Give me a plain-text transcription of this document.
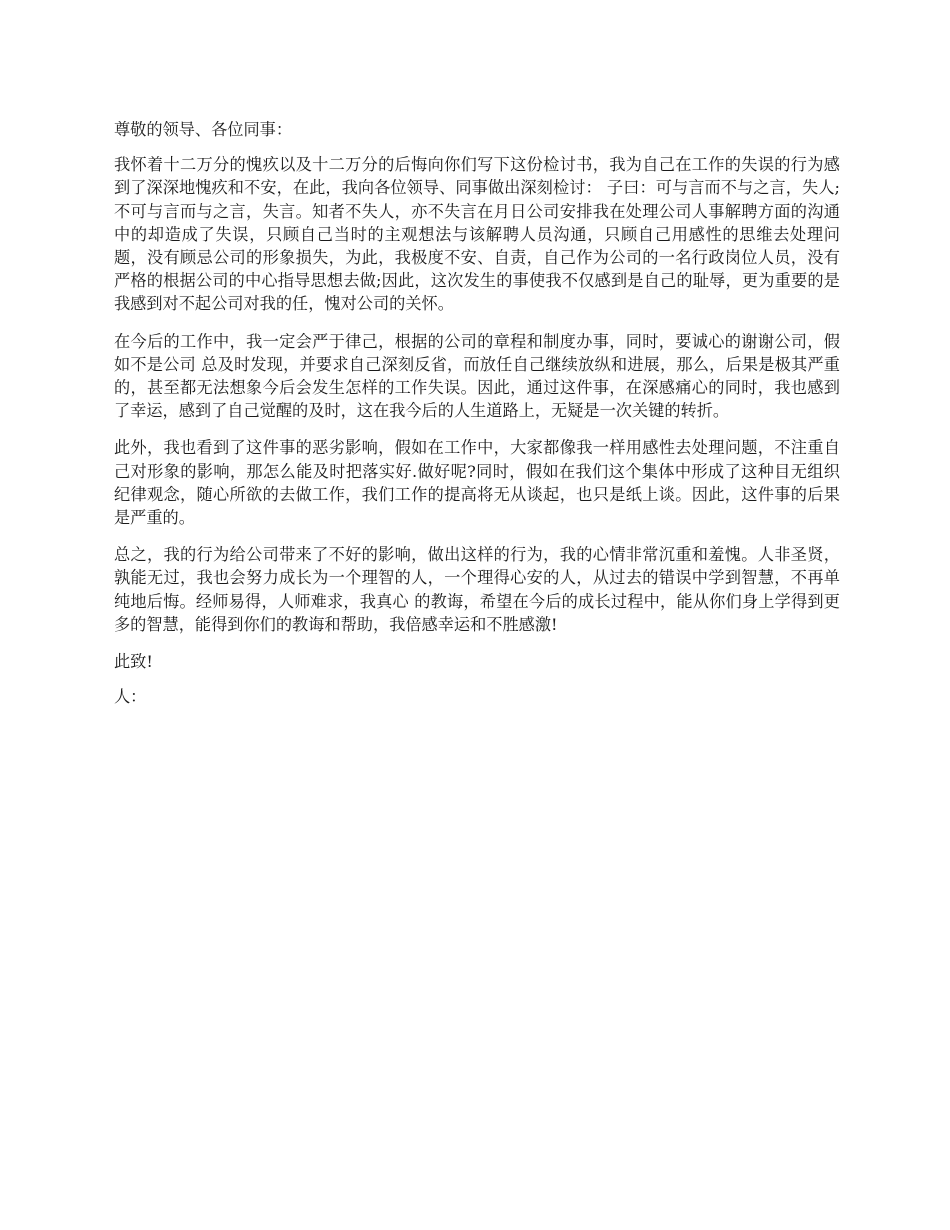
尊敬的领导、各位同事：

我怀着十二万分的愧疚以及十二万分的后悔向你们写下这份检讨书，我为自己在工作的失误的行为感到了深深地愧疚和不安，在此，我向各位领导、同事做出深刻检讨： 子曰：可与言而不与之言，失人;不可与言而与之言，失言。知者不失人，亦不失言在月日公司安排我在处理公司人事解聘方面的沟通中的却造成了失误，只顾自己当时的主观想法与该解聘人员沟通，只顾自己用感性的思维去处理问题，没有顾忌公司的形象损失，为此，我极度不安、自责，自己作为公司的一名行政岗位人员，没有严格的根据公司的中心指导思想去做;因此，这次发生的事使我不仅感到是自己的耻辱，更为重要的是我感到对不起公司对我的任，愧对公司的关怀。

在今后的工作中，我一定会严于律己，根据的公司的章程和制度办事，同时，要诚心的谢谢公司，假如不是公司 总及时发现，并要求自己深刻反省，而放任自己继续放纵和进展，那么，后果是极其严重的，甚至都无法想象今后会发生怎样的工作失误。因此，通过这件事，在深感痛心的同时，我也感到了幸运，感到了自己觉醒的及时，这在我今后的人生道路上，无疑是一次关键的转折。

此外，我也看到了这件事的恶劣影响，假如在工作中，大家都像我一样用感性去处理问题，不注重自己对形象的影响，那怎么能及时把落实好.做好呢?同时，假如在我们这个集体中形成了这种目无组织纪律观念，随心所欲的去做工作，我们工作的提高将无从谈起，也只是纸上谈。因此，这件事的后果是严重的。

总之，我的行为给公司带来了不好的影响，做出这样的行为，我的心情非常沉重和羞愧。人非圣贤，孰能无过，我也会努力成长为一个理智的人，一个理得心安的人，从过去的错误中学到智慧，不再单纯地后悔。经师易得，人师难求，我真心 的教诲，希望在今后的成长过程中，能从你们身上学得到更多的智慧，能得到你们的教诲和帮助，我倍感幸运和不胜感激!

此致!

人：
